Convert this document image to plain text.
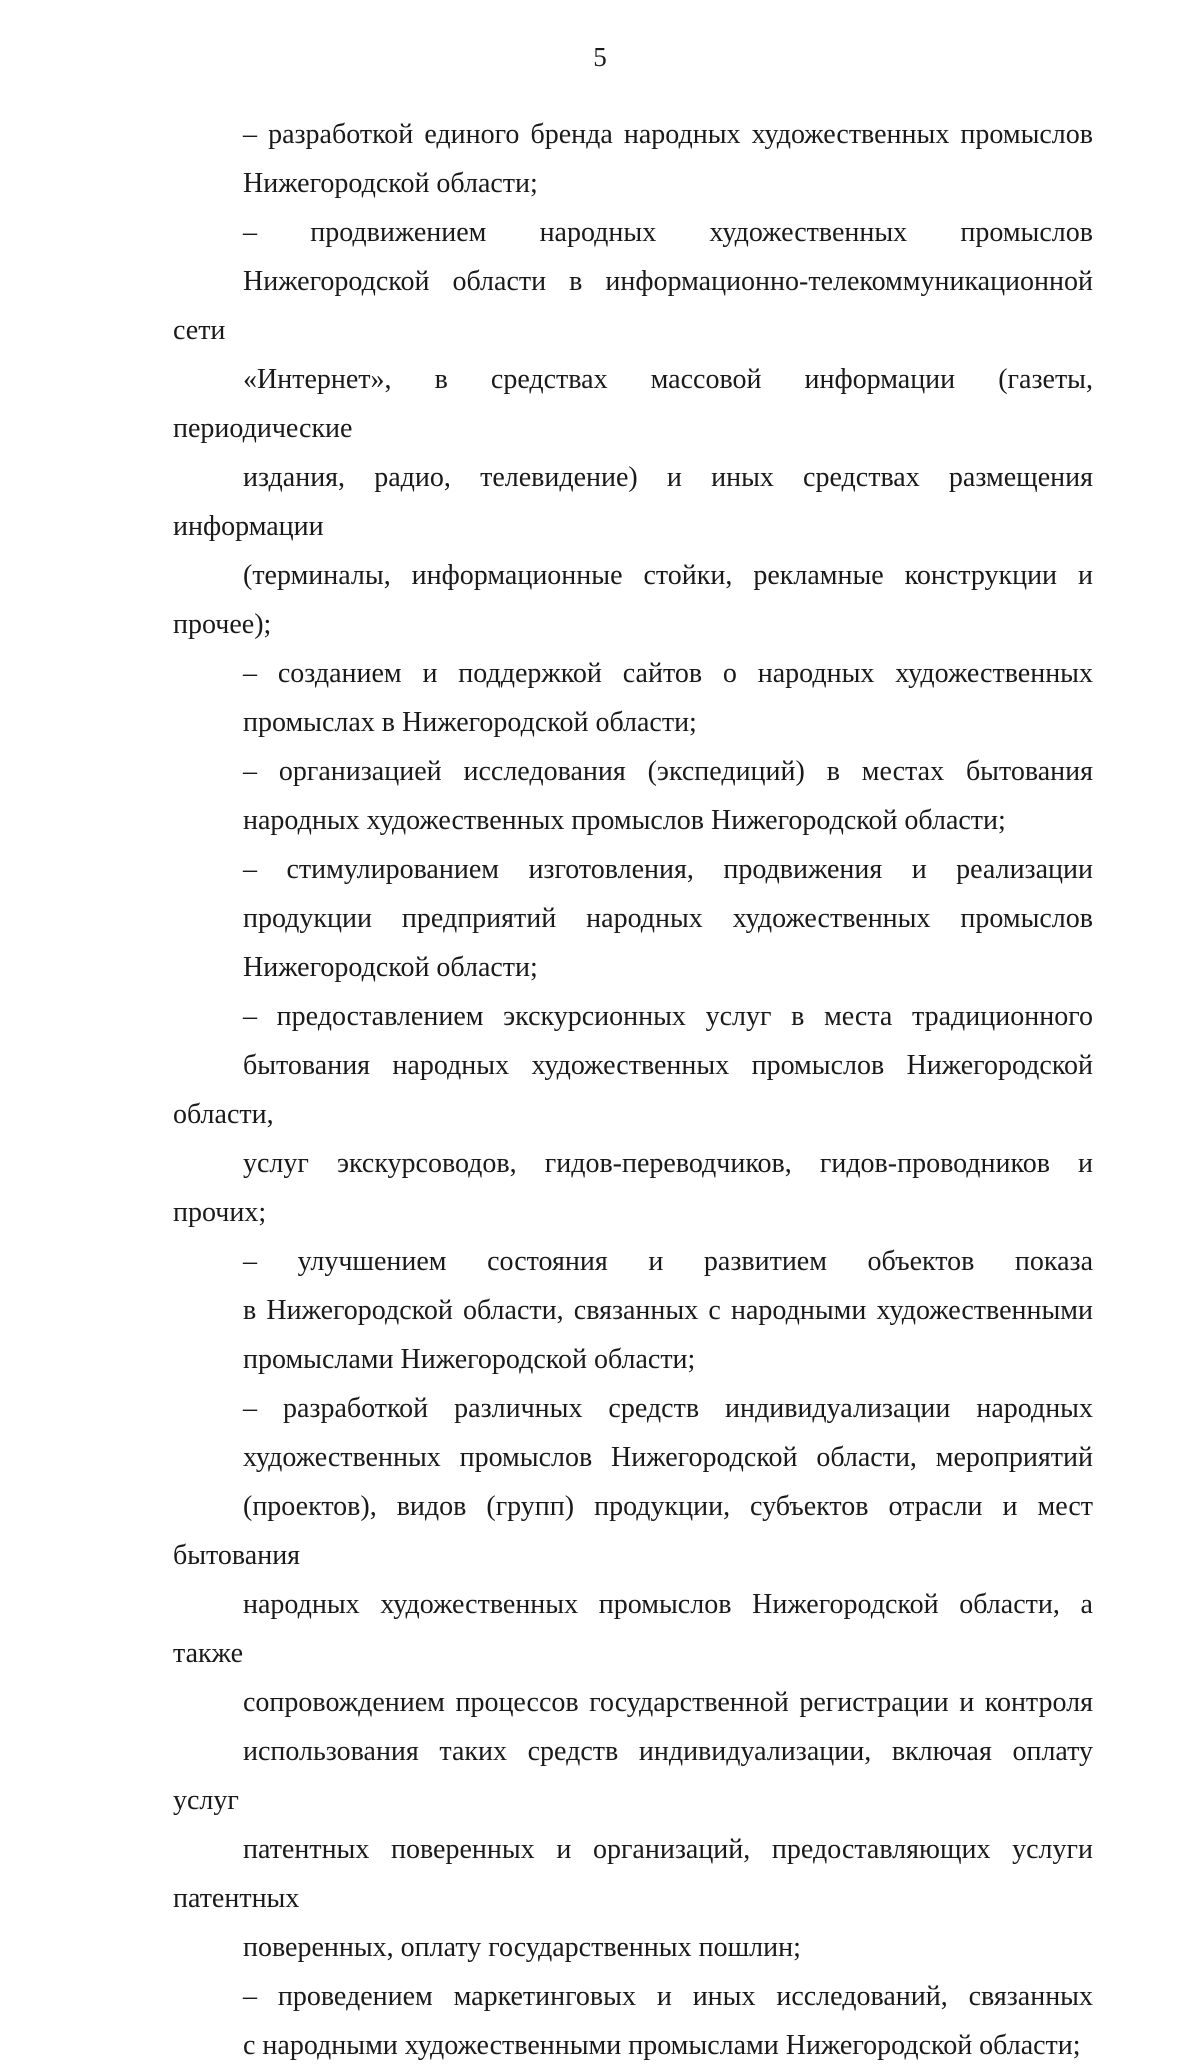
5

– разработкой единого бренда народных художественных промыслов
Нижегородской области;

– продвижением народных художественных промыслов
Нижегородской области в информационно-телекоммуникационной сети
«Интернет», в средствах массовой информации (газеты, периодические
издания, радио, телевидение) и иных средствах размещения информации
(терминалы, информационные стойки, рекламные конструкции и прочее);

– созданием и поддержкой сайтов о народных художественных
промыслах в Нижегородской области;

– организацией исследования (экспедиций) в местах бытования
народных художественных промыслов Нижегородской области;

– стимулированием изготовления, продвижения и реализации
продукции предприятий народных художественных промыслов
Нижегородской области;

– предоставлением экскурсионных услуг в места традиционного
бытования народных художественных промыслов Нижегородской области,
услуг экскурсоводов, гидов-переводчиков, гидов-проводников и прочих;

– улучшением состояния и развитием объектов показа
в Нижегородской области, связанных с народными художественными
промыслами Нижегородской области;

– разработкой различных средств индивидуализации народных
художественных промыслов Нижегородской области, мероприятий
(проектов), видов (групп) продукции, субъектов отрасли и мест бытования
народных художественных промыслов Нижегородской области, а также
сопровождением процессов государственной регистрации и контроля
использования таких средств индивидуализации, включая оплату услуг
патентных поверенных и организаций, предоставляющих услуги патентных
поверенных, оплату государственных пошлин;

– проведением маркетинговых и иных исследований, связанных
с народными художественными промыслами Нижегородской области;
